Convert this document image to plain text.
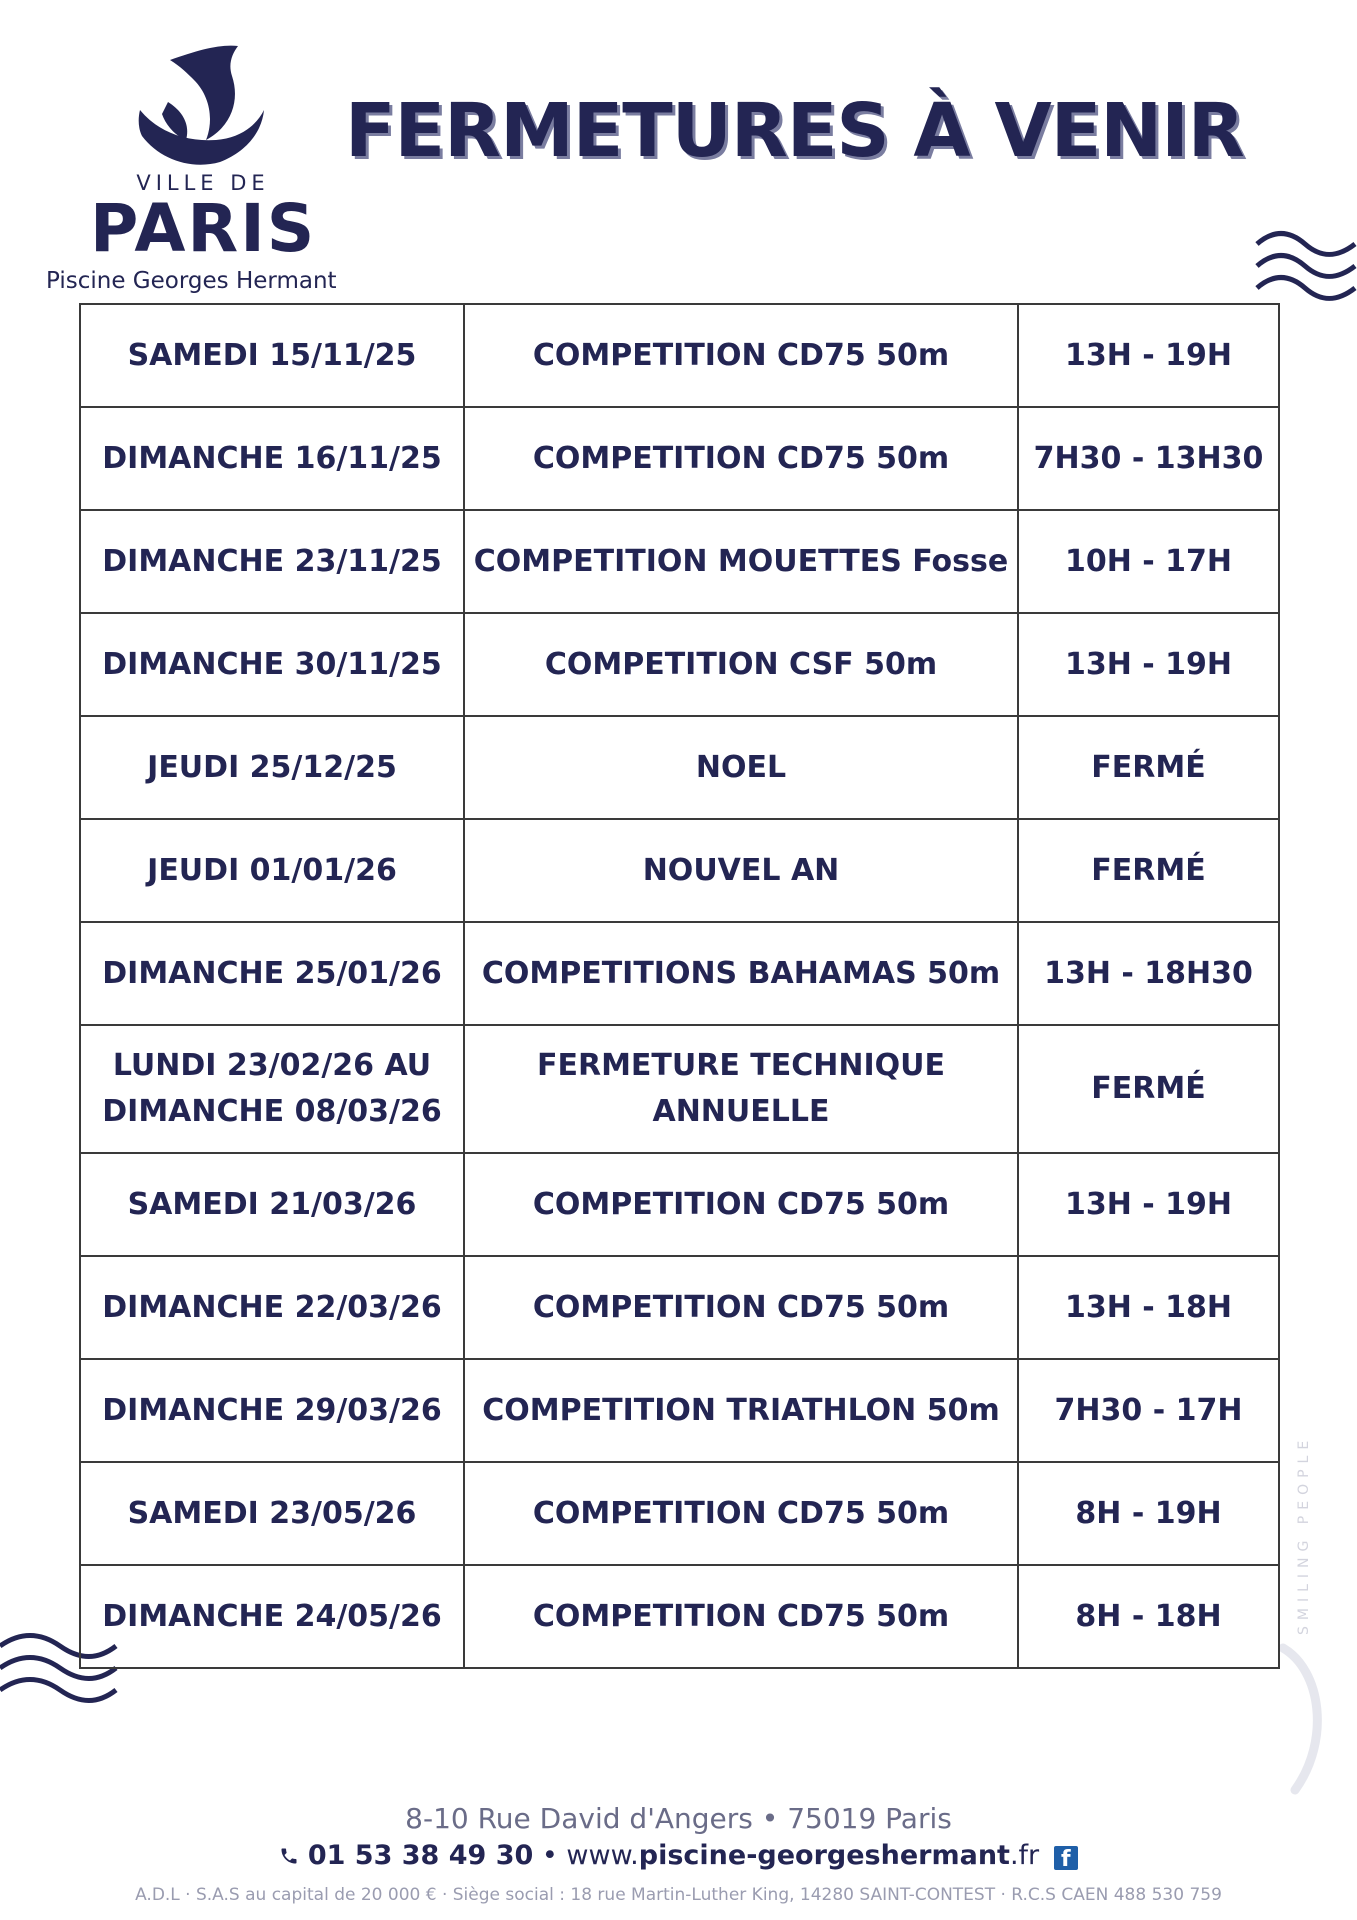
VILLE DE
PARIS
Piscine Georges Hermant
FERMETURES À VENIR
SMILING PEOPLE
SAMEDI 15/11/25	COMPETITION CD75 50m	13H - 19H
DIMANCHE 16/11/25	COMPETITION CD75 50m	7H30 - 13H30
DIMANCHE 23/11/25	COMPETITION MOUETTES Fosse	10H - 17H
DIMANCHE 30/11/25	COMPETITION CSF 50m	13H - 19H
JEUDI 25/12/25	NOEL	FERMÉ
JEUDI 01/01/26	NOUVEL AN	FERMÉ
DIMANCHE 25/01/26	COMPETITIONS BAHAMAS 50m	13H - 18H30
LUNDI 23/02/26 AU DIMANCHE 08/03/26	FERMETURE TECHNIQUE ANNUELLE	FERMÉ
SAMEDI 21/03/26	COMPETITION CD75 50m	13H - 19H
DIMANCHE 22/03/26	COMPETITION CD75 50m	13H - 18H
DIMANCHE 29/03/26	COMPETITION TRIATHLON 50m	7H30 - 17H
SAMEDI 23/05/26	COMPETITION CD75 50m	8H - 19H
DIMANCHE 24/05/26	COMPETITION CD75 50m	8H - 18H
8-10 Rue David d'Angers • 75019 Paris
01 53 38 49 30 • www.piscine-georgeshermant.fr f
A.D.L · S.A.S au capital de 20 000 € · Siège social : 18 rue Martin-Luther King, 14280 SAINT-CONTEST · R.C.S CAEN 488 530 759
